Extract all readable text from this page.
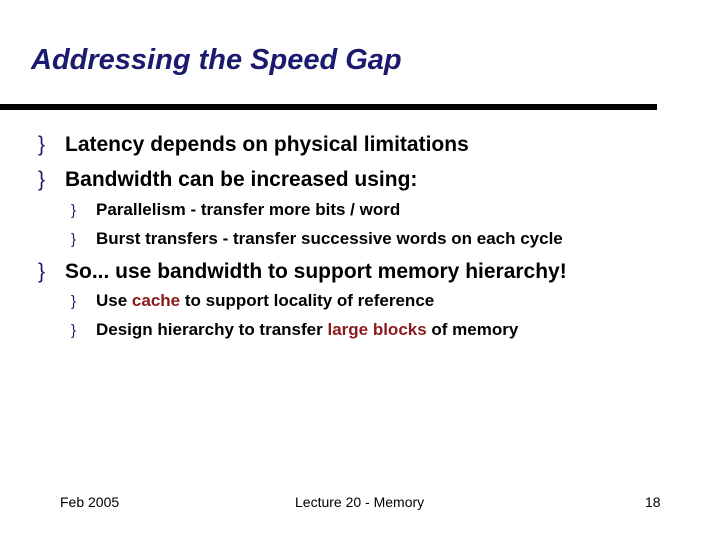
Addressing the Speed Gap
} Latency depends on physical limitations
} Bandwidth can be increased using:
} Parallelism - transfer more bits / word
} Burst transfers - transfer successive words on each cycle
} So... use bandwidth to support memory hierarchy!
} Use cache to support locality of reference
} Design hierarchy to transfer large blocks of memory
Feb 2005	Lecture 20 - Memory	18
